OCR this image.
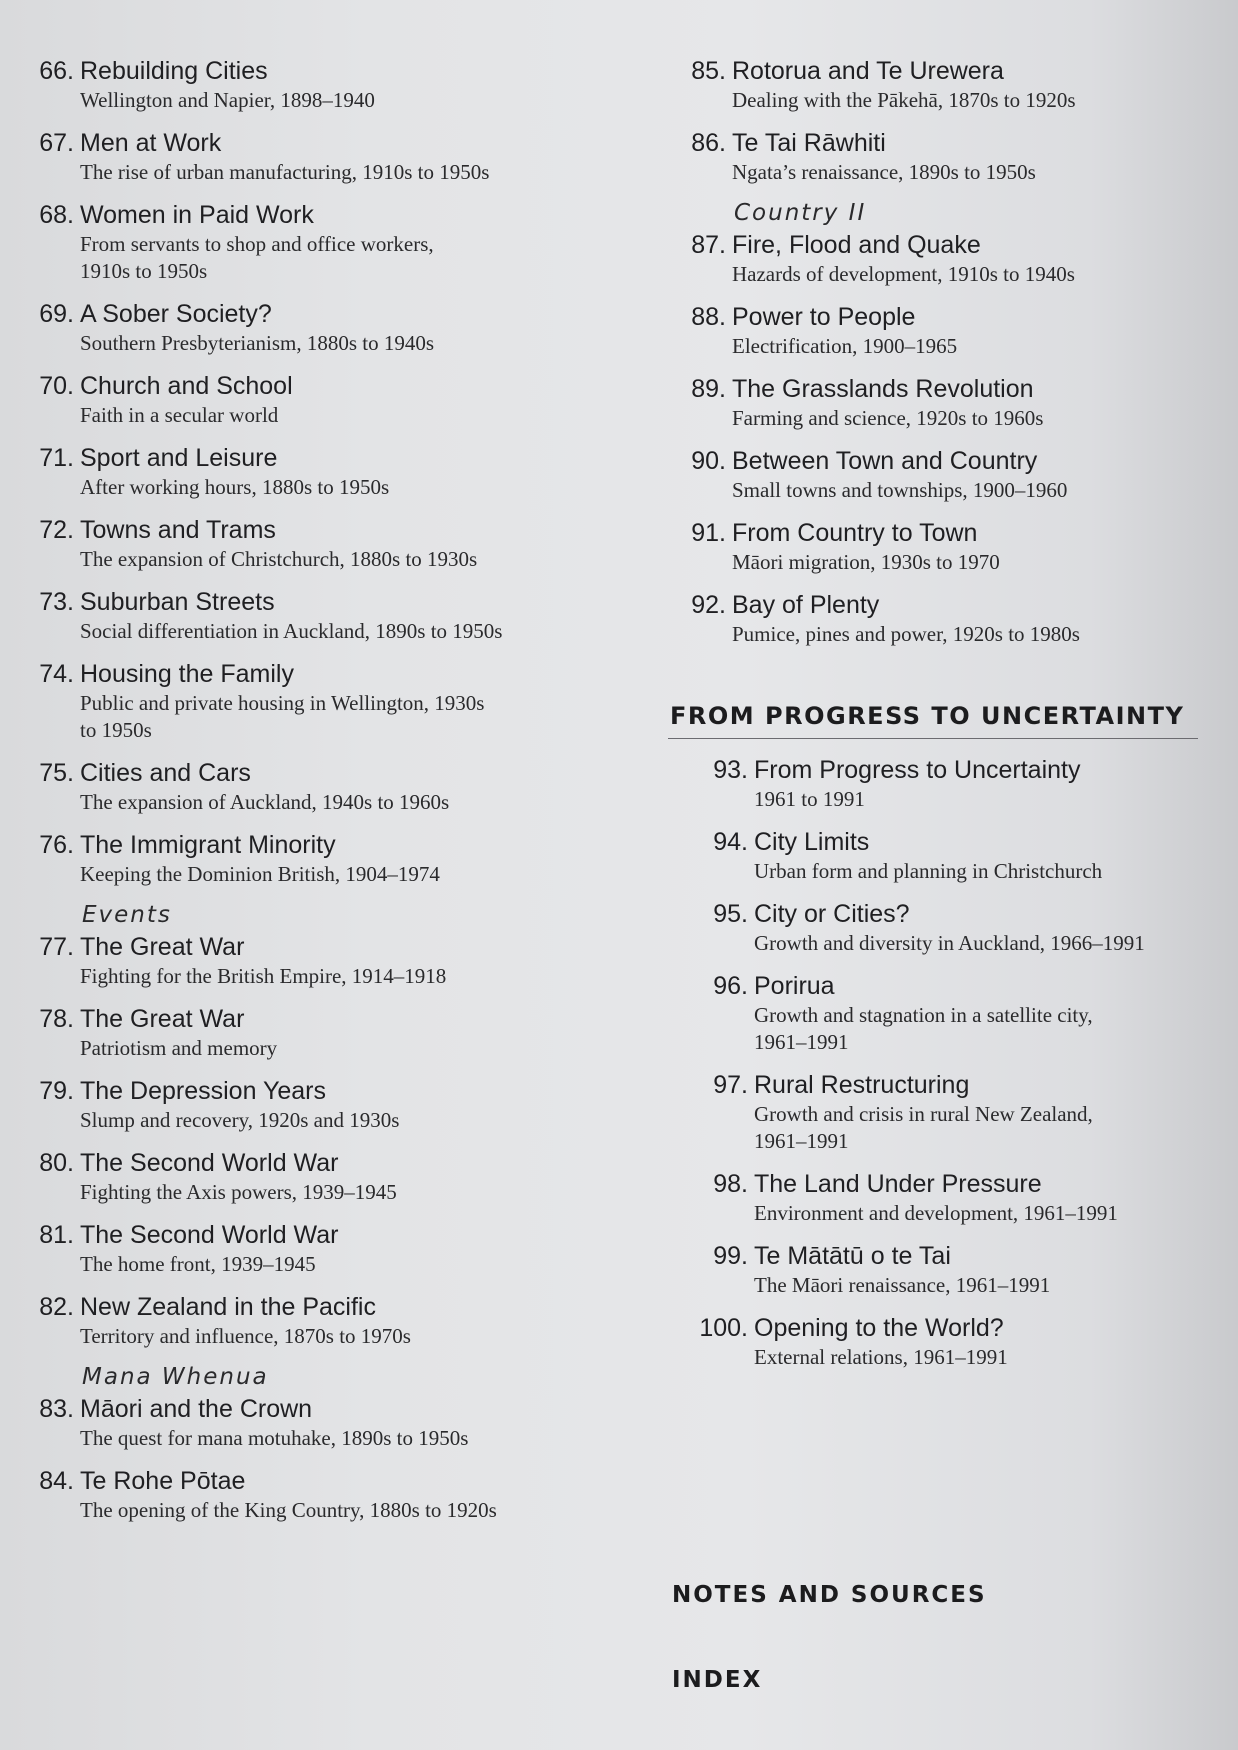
66. Rebuilding Cities
Wellington and Napier, 1898–1940
67. Men at Work
The rise of urban manufacturing, 1910s to 1950s
68. Women in Paid Work
From servants to shop and office workers,
1910s to 1950s
69. A Sober Society?
Southern Presbyterianism, 1880s to 1940s
70. Church and School
Faith in a secular world
71. Sport and Leisure
After working hours, 1880s to 1950s
72. Towns and Trams
The expansion of Christchurch, 1880s to 1930s
73. Suburban Streets
Social differentiation in Auckland, 1890s to 1950s
74. Housing the Family
Public and private housing in Wellington, 1930s
to 1950s
75. Cities and Cars
The expansion of Auckland, 1940s to 1960s
76. The Immigrant Minority
Keeping the Dominion British, 1904–1974
Events
77. The Great War
Fighting for the British Empire, 1914–1918
78. The Great War
Patriotism and memory
79. The Depression Years
Slump and recovery, 1920s and 1930s
80. The Second World War
Fighting the Axis powers, 1939–1945
81. The Second World War
The home front, 1939–1945
82. New Zealand in the Pacific
Territory and influence, 1870s to 1970s
Mana Whenua
83. Māori and the Crown
The quest for mana motuhake, 1890s to 1950s
84. Te Rohe Pōtae
The opening of the King Country, 1880s to 1920s
85. Rotorua and Te Urewera
Dealing with the Pākehā, 1870s to 1920s
86. Te Tai Rāwhiti
Ngata’s renaissance, 1890s to 1950s
Country II
87. Fire, Flood and Quake
Hazards of development, 1910s to 1940s
88. Power to People
Electrification, 1900–1965
89. The Grasslands Revolution
Farming and science, 1920s to 1960s
90. Between Town and Country
Small towns and townships, 1900–1960
91. From Country to Town
Māori migration, 1930s to 1970
92. Bay of Plenty
Pumice, pines and power, 1920s to 1980s
FROM PROGRESS TO UNCERTAINTY
93. From Progress to Uncertainty
1961 to 1991
94. City Limits
Urban form and planning in Christchurch
95. City or Cities?
Growth and diversity in Auckland, 1966–1991
96. Porirua
Growth and stagnation in a satellite city,
1961–1991
97. Rural Restructuring
Growth and crisis in rural New Zealand,
1961–1991
98. The Land Under Pressure
Environment and development, 1961–1991
99. Te Mātātū o te Tai
The Māori renaissance, 1961–1991
100. Opening to the World?
External relations, 1961–1991
NOTES AND SOURCES
INDEX
